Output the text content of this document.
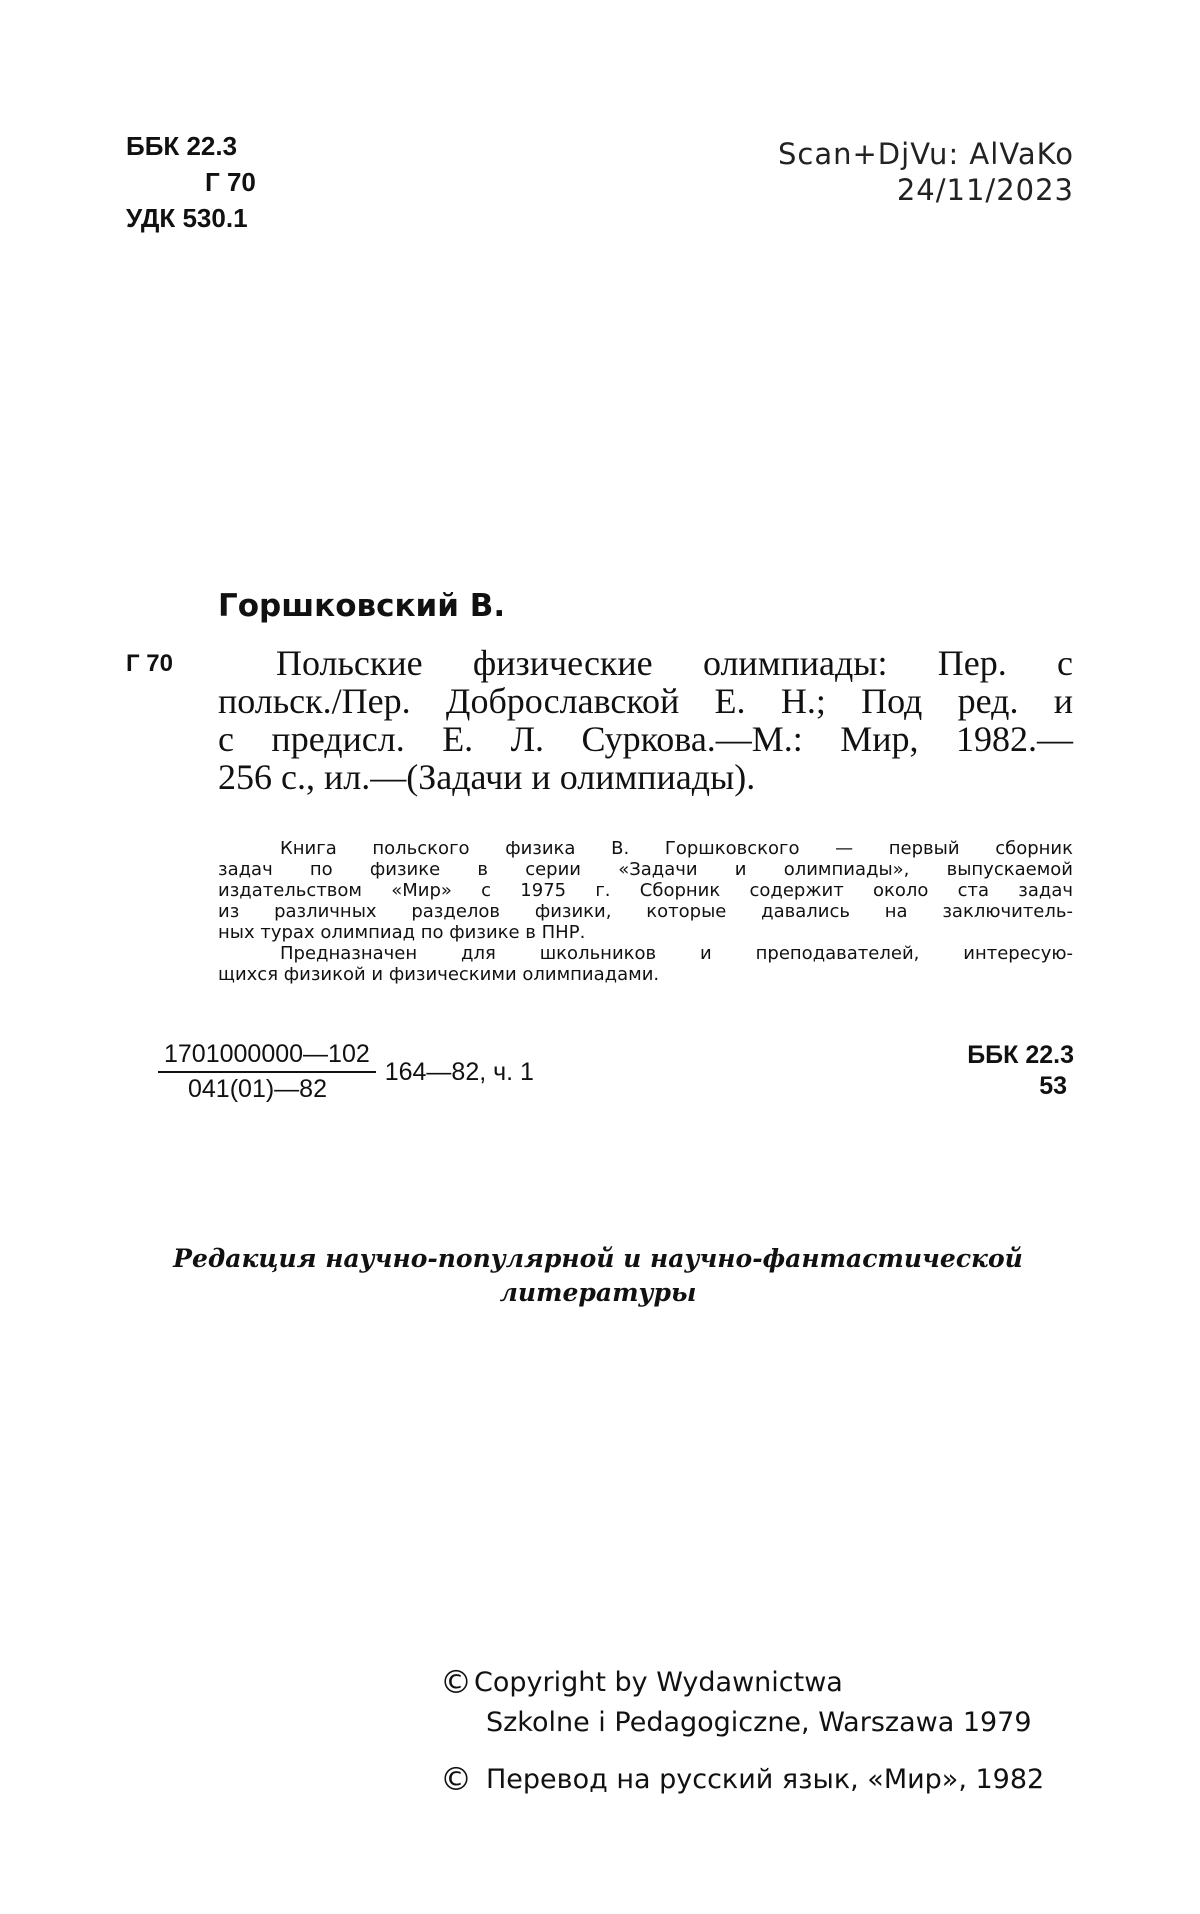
ББК 22.3
Г 70
УДК 530.1
Scan+DjVu: AlVaKo
24/11/2023
Горшковский В.
Г 70	Польские физические олимпиады: Пер. с
польск./Пер. Доброславской Е. Н.; Под ред. и
с предисл. Е. Л. Суркова.—М.: Мир, 1982.—
256 с., ил.—(Задачи и олимпиады).
Книга польского физика В. Горшковского — первый сборник
задач по физике в серии «Задачи и олимпиады», выпускаемой
издательством «Мир» с 1975 г. Сборник содержит около ста задач
из различных разделов физики, которые давались на заключитель-
ных турах олимпиад по физике в ПНР.
Предназначен для школьников и преподавателей, интересую-
щихся физикой и физическими олимпиадами.
$\frac{1701000000—102}{041(01)—82}$ 164—82, ч. 1
ББК 22.3
53
Редакция научно-популярной и научно-фантастической
литературы
©Copyright by Wydawnictwa
Szkolne i Pedagogiczne, Warszawa 1979
© Перевод на русский язык, «Мир», 1982
